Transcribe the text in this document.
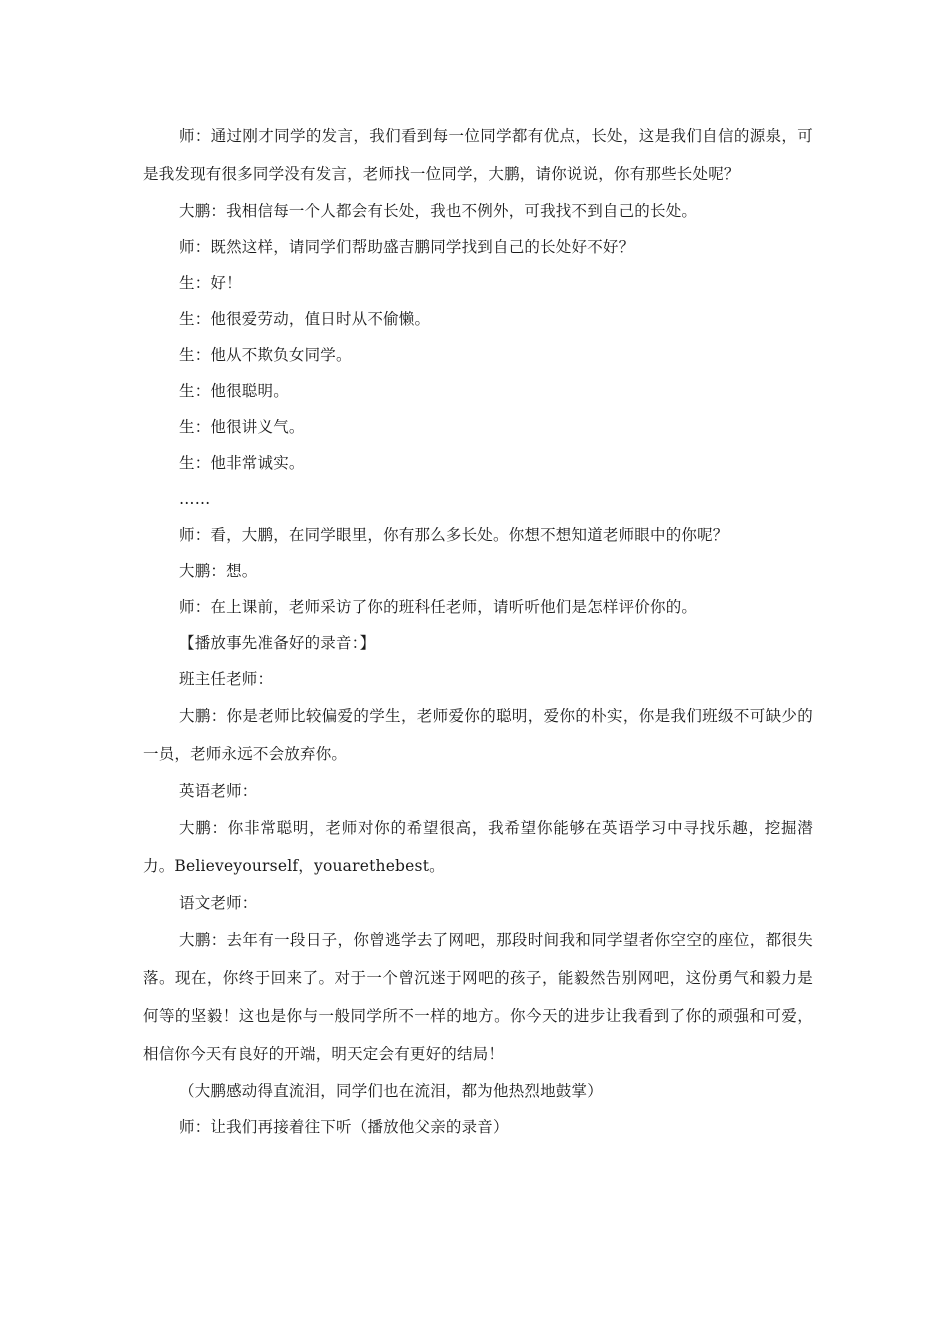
师：通过刚才同学的发言，我们看到每一位同学都有优点，长处，这是我们自信的源泉，可是我发现有很多同学没有发言，老师找一位同学，大鹏，请你说说，你有那些长处呢？

大鹏：我相信每一个人都会有长处，我也不例外，可我找不到自己的长处。

师：既然这样，请同学们帮助盛吉鹏同学找到自己的长处好不好？

生：好！

生：他很爱劳动，值日时从不偷懒。

生：他从不欺负女同学。

生：他很聪明。

生：他很讲义气。

生：他非常诚实。

……

师：看，大鹏，在同学眼里，你有那么多长处。你想不想知道老师眼中的你呢？

大鹏：想。

师：在上课前，老师采访了你的班科任老师，请听听他们是怎样评价你的。

【播放事先准备好的录音：】

班主任老师：

大鹏：你是老师比较偏爱的学生，老师爱你的聪明，爱你的朴实，你是我们班级不可缺少的一员，老师永远不会放弃你。

英语老师：

大鹏：你非常聪明，老师对你的希望很高，我希望你能够在英语学习中寻找乐趣，挖掘潜力。Believeyourself，youarethebest。

语文老师：

大鹏：去年有一段日子，你曾逃学去了网吧，那段时间我和同学望者你空空的座位，都很失落。现在，你终于回来了。对于一个曾沉迷于网吧的孩子，能毅然告别网吧，这份勇气和毅力是何等的坚毅！这也是你与一般同学所不一样的地方。你今天的进步让我看到了你的顽强和可爱，相信你今天有良好的开端，明天定会有更好的结局！

（大鹏感动得直流泪，同学们也在流泪，都为他热烈地鼓掌）

师：让我们再接着往下听（播放他父亲的录音）
